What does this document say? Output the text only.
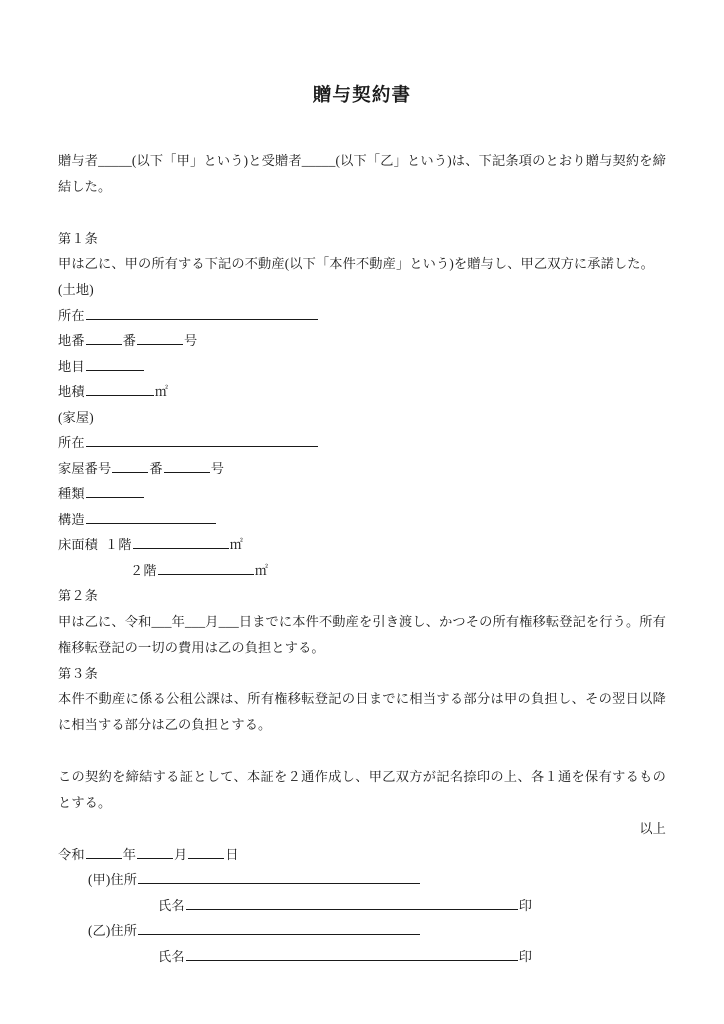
贈与契約書

贈与者_____(以下「甲」という)と受贈者_____(以下「乙」という)は、下記条項のとおり贈与契約を締結した。

第１条

甲は乙に、甲の所有する下記の不動産(以下「本件不動産」という)を贈与し、甲乙双方に承諾した。

(土地)

所在

地番	番	号

地目

地積	㎡

(家屋)

所在

家屋番号	番	号

種類

構造

床面積 １階	㎡

２階	㎡

第２条

甲は乙に、令和___年___月___日までに本件不動産を引き渡し、かつその所有権移転登記を行う。所有権移転登記の一切の費用は乙の負担とする。

第３条

本件不動産に係る公租公課は、所有権移転登記の日までに相当する部分は甲の負担し、その翌日以降に相当する部分は乙の負担とする。

この契約を締結する証として、本証を２通作成し、甲乙双方が記名捺印の上、各１通を保有するものとする。

以上

令和	年	月	日

(甲)住所

氏名	印

(乙)住所

氏名	印
